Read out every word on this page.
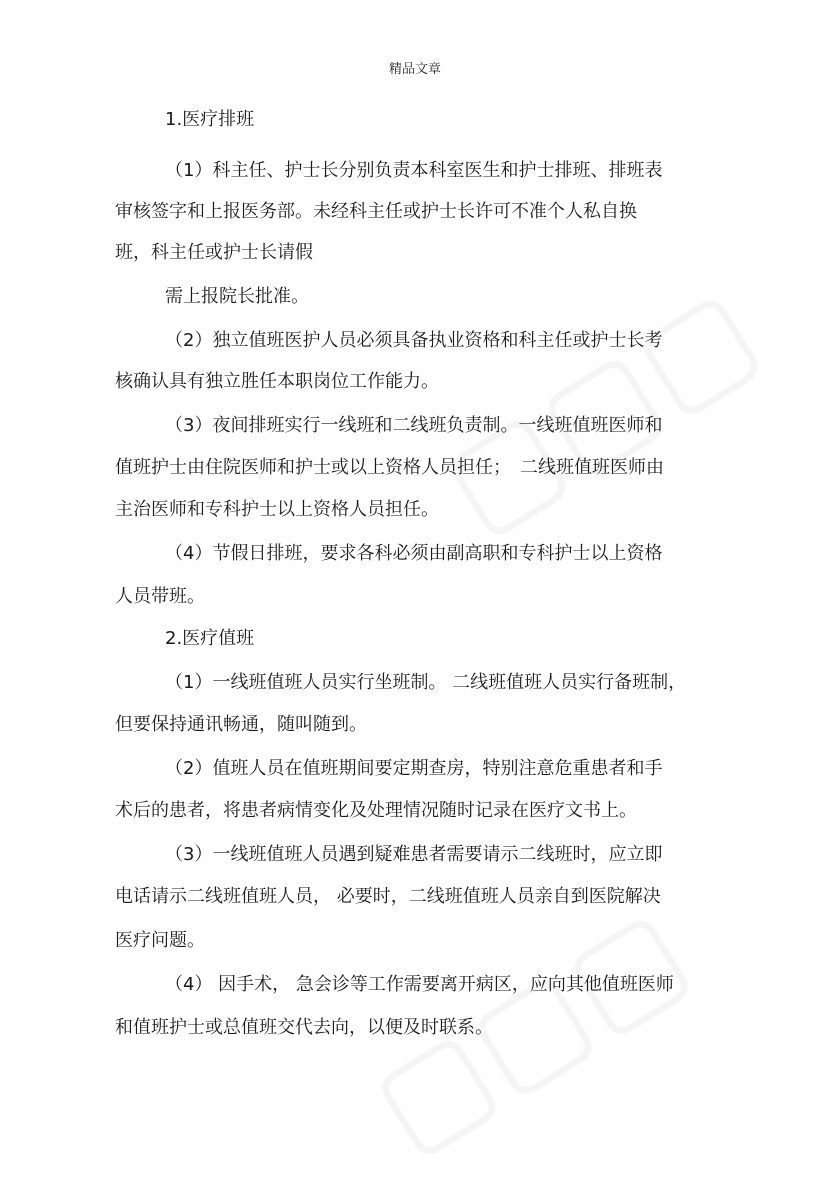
精品文章
1.医疗排班
（1）科主任、护士长分别负责本科室医生和护士排班、排班表
审核签字和上报医务部。未经科主任或护士长许可不准个人私自换
班，科主任或护士长请假
需上报院长批准。
（2）独立值班医护人员必须具备执业资格和科主任或护士长考
核确认具有独立胜任本职岗位工作能力。
（3）夜间排班实行一线班和二线班负责制。一线班值班医师和
值班护士由住院医师和护士或以上资格人员担任；　二线班值班医师由
主治医师和专科护士以上资格人员担任。
（4）节假日排班，要求各科必须由副高职和专科护士以上资格
人员带班。
2.医疗值班
（1）一线班值班人员实行坐班制。 二线班值班人员实行备班制，
但要保持通讯畅通，随叫随到。
（2）值班人员在值班期间要定期查房，特别注意危重患者和手
术后的患者，将患者病情变化及处理情况随时记录在医疗文书上。
（3）一线班值班人员遇到疑难患者需要请示二线班时，应立即
电话请示二线班值班人员， 必要时，二线班值班人员亲自到医院解决
医疗问题。
（4） 因手术， 急会诊等工作需要离开病区，应向其他值班医师
和值班护士或总值班交代去向，以便及时联系。
